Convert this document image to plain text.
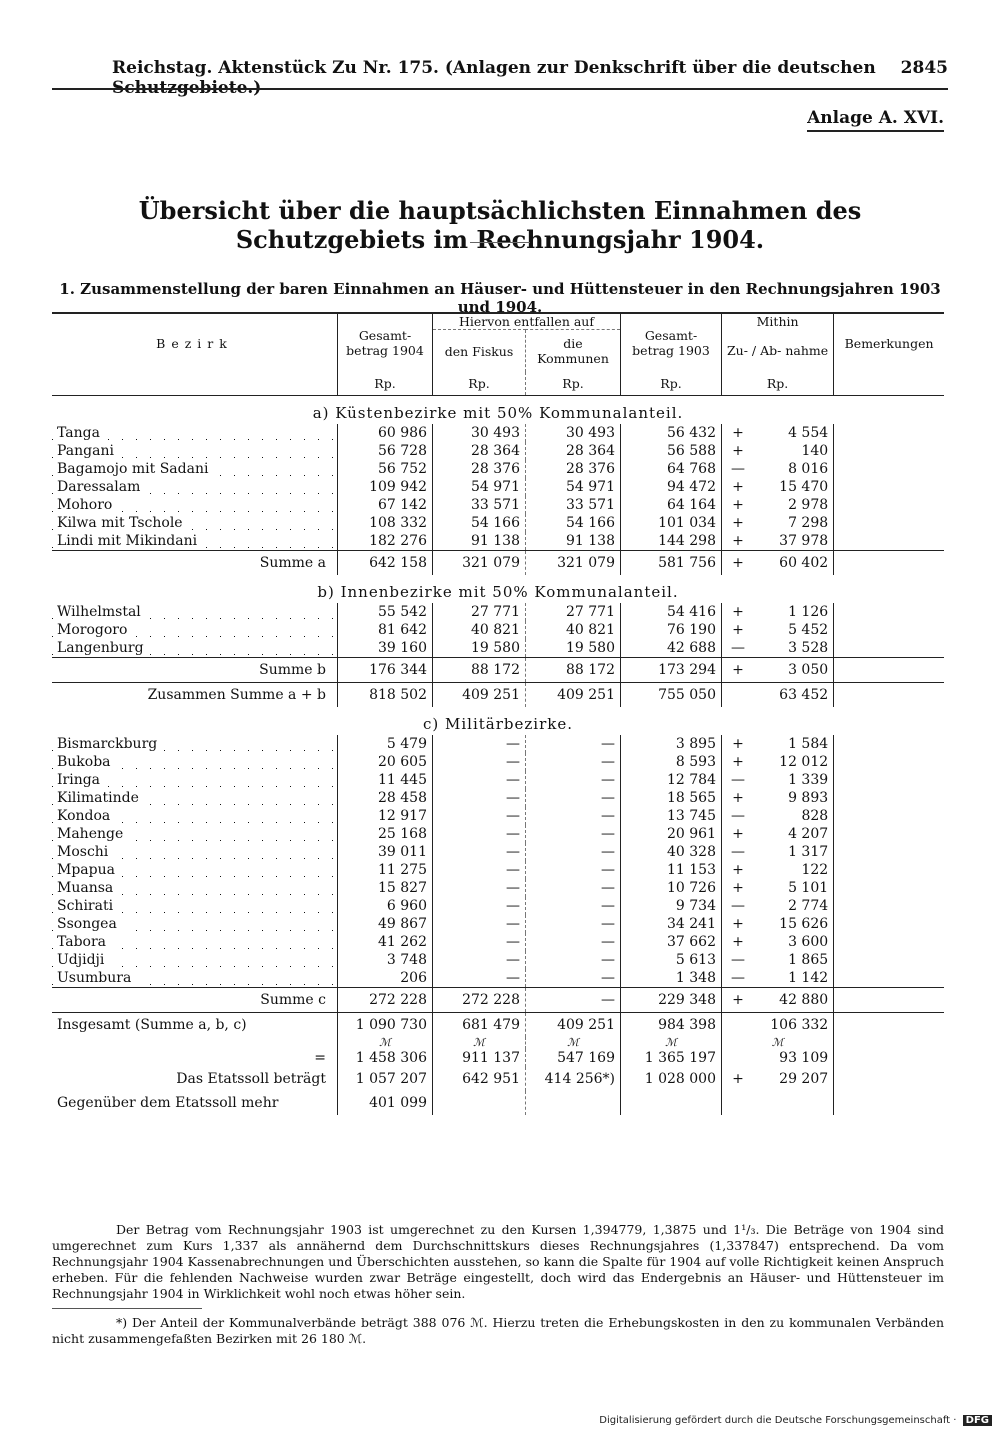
Reichstag. Aktenstück Zu Nr. 175. (Anlagen zur Denkschrift über die deutschen Schutzgebiete.)
2845
Anlage A. XVI.
Übersicht über die hauptsächlichsten Einnahmen des Schutzgebiets im Rechnungsjahr 1904.
1. Zusammenstellung der baren Einnahmen an Häuser- und Hüttensteuer in den Rechnungsjahren 1903 und 1904.
Bezirk	Gesamt-betrag 1904	Hiervon entfallen auf		Gesamt-betrag 1903	Mithin	Bemerkungen
		den Fiskus	die Kommunen		Zu- / Ab- nahme	
	Rp.	Rp.	Rp.	Rp.	Rp.	
a) Küstenbezirke mit 50% Kommunalanteil.						
Tanga	60 986	30 493	30 493	56 432	+ 4 554	
Pangani	56 728	28 364	28 364	56 588	+ 140	
Bagamojo mit Sadani	56 752	28 376	28 376	64 768	— 8 016	
Daressalam	109 942	54 971	54 971	94 472	+ 15 470	
Mohoro	67 142	33 571	33 571	64 164	+ 2 978	
Kilwa mit Tschole	108 332	54 166	54 166	101 034	+ 7 298	
Lindi mit Mikindani	182 276	91 138	91 138	144 298	+ 37 978	
Summe a	642 158	321 079	321 079	581 756	+ 60 402	
b) Innenbezirke mit 50% Kommunalanteil.						
Wilhelmstal	55 542	27 771	27 771	54 416	+ 1 126	
Morogoro	81 642	40 821	40 821	76 190	+ 5 452	
Langenburg	39 160	19 580	19 580	42 688	— 3 528	
Summe b	176 344	88 172	88 172	173 294	+ 3 050	
Zusammen Summe a + b	818 502	409 251	409 251	755 050	63 452	
c) Militärbezirke.						
Bismarckburg	5 479	—	—	3 895	+ 1 584	
Bukoba	20 605	—	—	8 593	+ 12 012	
Iringa	11 445	—	—	12 784	— 1 339	
Kilimatinde	28 458	—	—	18 565	+ 9 893	
Kondoa	12 917	—	—	13 745	— 828	
Mahenge	25 168	—	—	20 961	+ 4 207	
Moschi	39 011	—	—	40 328	— 1 317	
Mpapua	11 275	—	—	11 153	+ 122	
Muansa	15 827	—	—	10 726	+ 5 101	
Schirati	6 960	—	—	9 734	— 2 774	
Ssongea	49 867	—	—	34 241	+ 15 626	
Tabora	41 262	—	—	37 662	+ 3 600	
Udjidji	3 748	—	—	5 613	— 1 865	
Usumbura	206	—	—	1 348	— 1 142	
Summe c	272 228	272 228	—	229 348	+ 42 880	
Insgesamt (Summe a, b, c)	1 090 730	681 479	409 251	984 398	106 332	
	ℳ	ℳ	ℳ	ℳ	ℳ	
=	1 458 306	911 137	547 169	1 365 197	93 109	
Das Etatssoll beträgt	1 057 207	642 951	414 256*)	1 028 000	+ 29 207	
Gegenüber dem Etatssoll mehr	401 099					

Der Betrag vom Rechnungsjahr 1903 ist umgerechnet zu den Kursen 1,394779, 1,3875 und 1¹/₃. Die Beträge von 1904 sind umgerechnet zum Kurs 1,337 als annähernd dem Durchschnittskurs dieses Rechnungsjahres (1,337847) entsprechend. Da vom Rechnungsjahr 1904 Kassenabrechnungen und Überschichten ausstehen, so kann die Spalte für 1904 auf volle Richtigkeit keinen Anspruch erheben. Für die fehlenden Nachweise wurden zwar Beträge eingestellt, doch wird das Endergebnis an Häuser- und Hüttensteuer im Rechnungsjahr 1904 in Wirklichkeit wohl noch etwas höher sein.

*) Der Anteil der Kommunalverbände beträgt 388 076 ℳ. Hierzu treten die Erhebungskosten in den zu kommunalen Verbänden nicht zusammengefaßten Bezirken mit 26 180 ℳ.

Digitalisierung gefördert durch die Deutsche Forschungsgemeinschaft · DFG
